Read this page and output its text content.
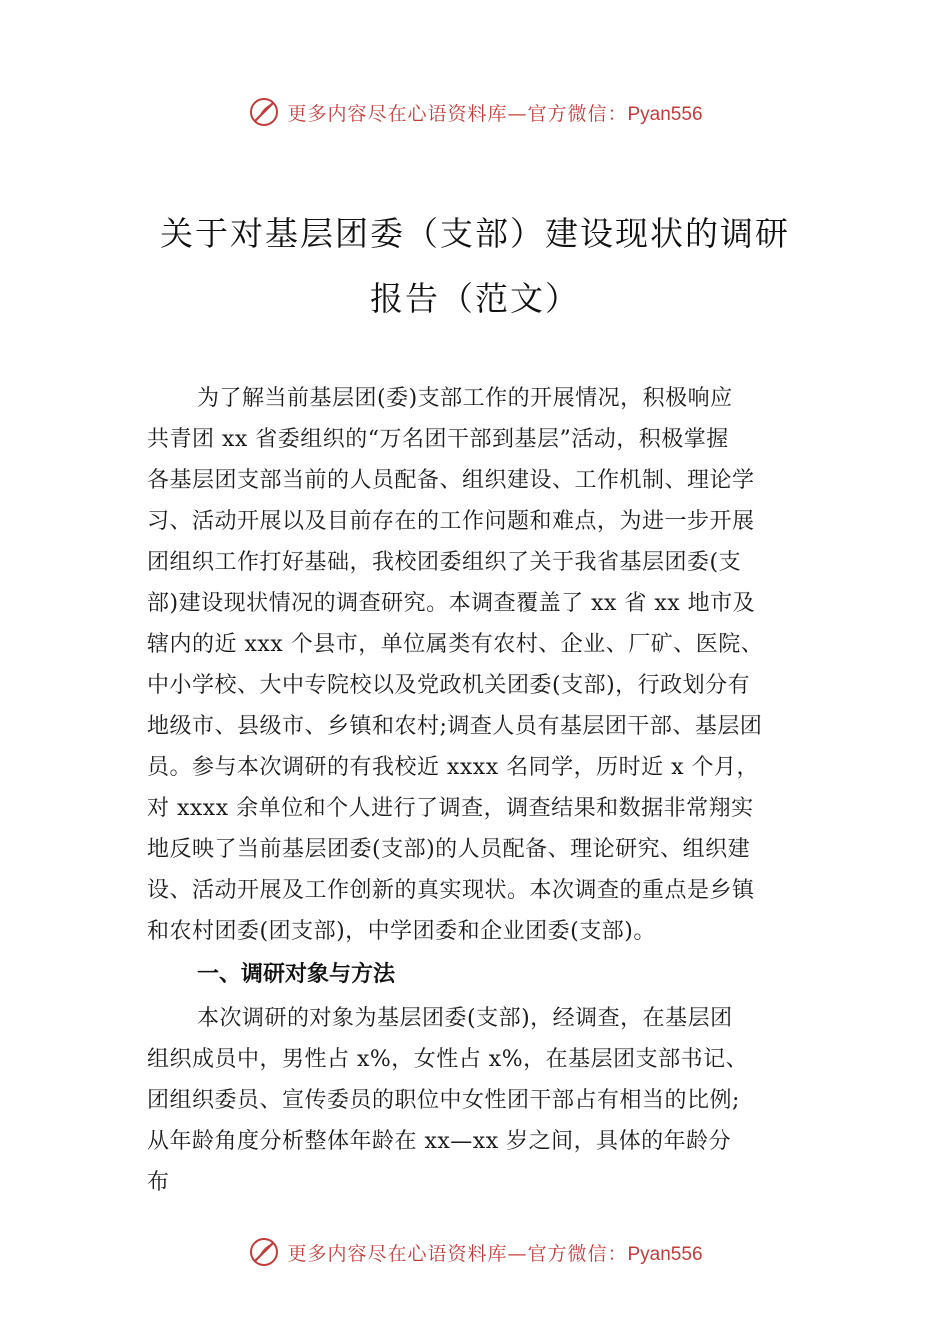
更多内容尽在心语资料库—官方微信：Pyan556
关于对基层团委（支部）建设现状的调研
报告（范文）
为了解当前基层团(委)支部工作的开展情况，积极响应
共青团 xx 省委组织的“万名团干部到基层”活动，积极掌握
各基层团支部当前的人员配备、组织建设、工作机制、理论学
习、活动开展以及目前存在的工作问题和难点，为进一步开展
团组织工作打好基础，我校团委组织了关于我省基层团委(支
部)建设现状情况的调查研究。本调查覆盖了 xx 省 xx 地市及
辖内的近 xxx 个县市，单位属类有农村、企业、厂矿、医院、
中小学校、大中专院校以及党政机关团委(支部)，行政划分有
地级市、县级市、乡镇和农村;调查人员有基层团干部、基层团
员。参与本次调研的有我校近 xxxx 名同学，历时近 x 个月，
对 xxxx 余单位和个人进行了调查，调查结果和数据非常翔实
地反映了当前基层团委(支部)的人员配备、理论研究、组织建
设、活动开展及工作创新的真实现状。本次调查的重点是乡镇
和农村团委(团支部)，中学团委和企业团委(支部)。
一、调研对象与方法
本次调研的对象为基层团委(支部)，经调查，在基层团
组织成员中，男性占 x%，女性占 x%，在基层团支部书记、
团组织委员、宣传委员的职位中女性团干部占有相当的比例;
从年龄角度分析整体年龄在 xx—xx 岁之间，具体的年龄分
布
更多内容尽在心语资料库—官方微信：Pyan556
